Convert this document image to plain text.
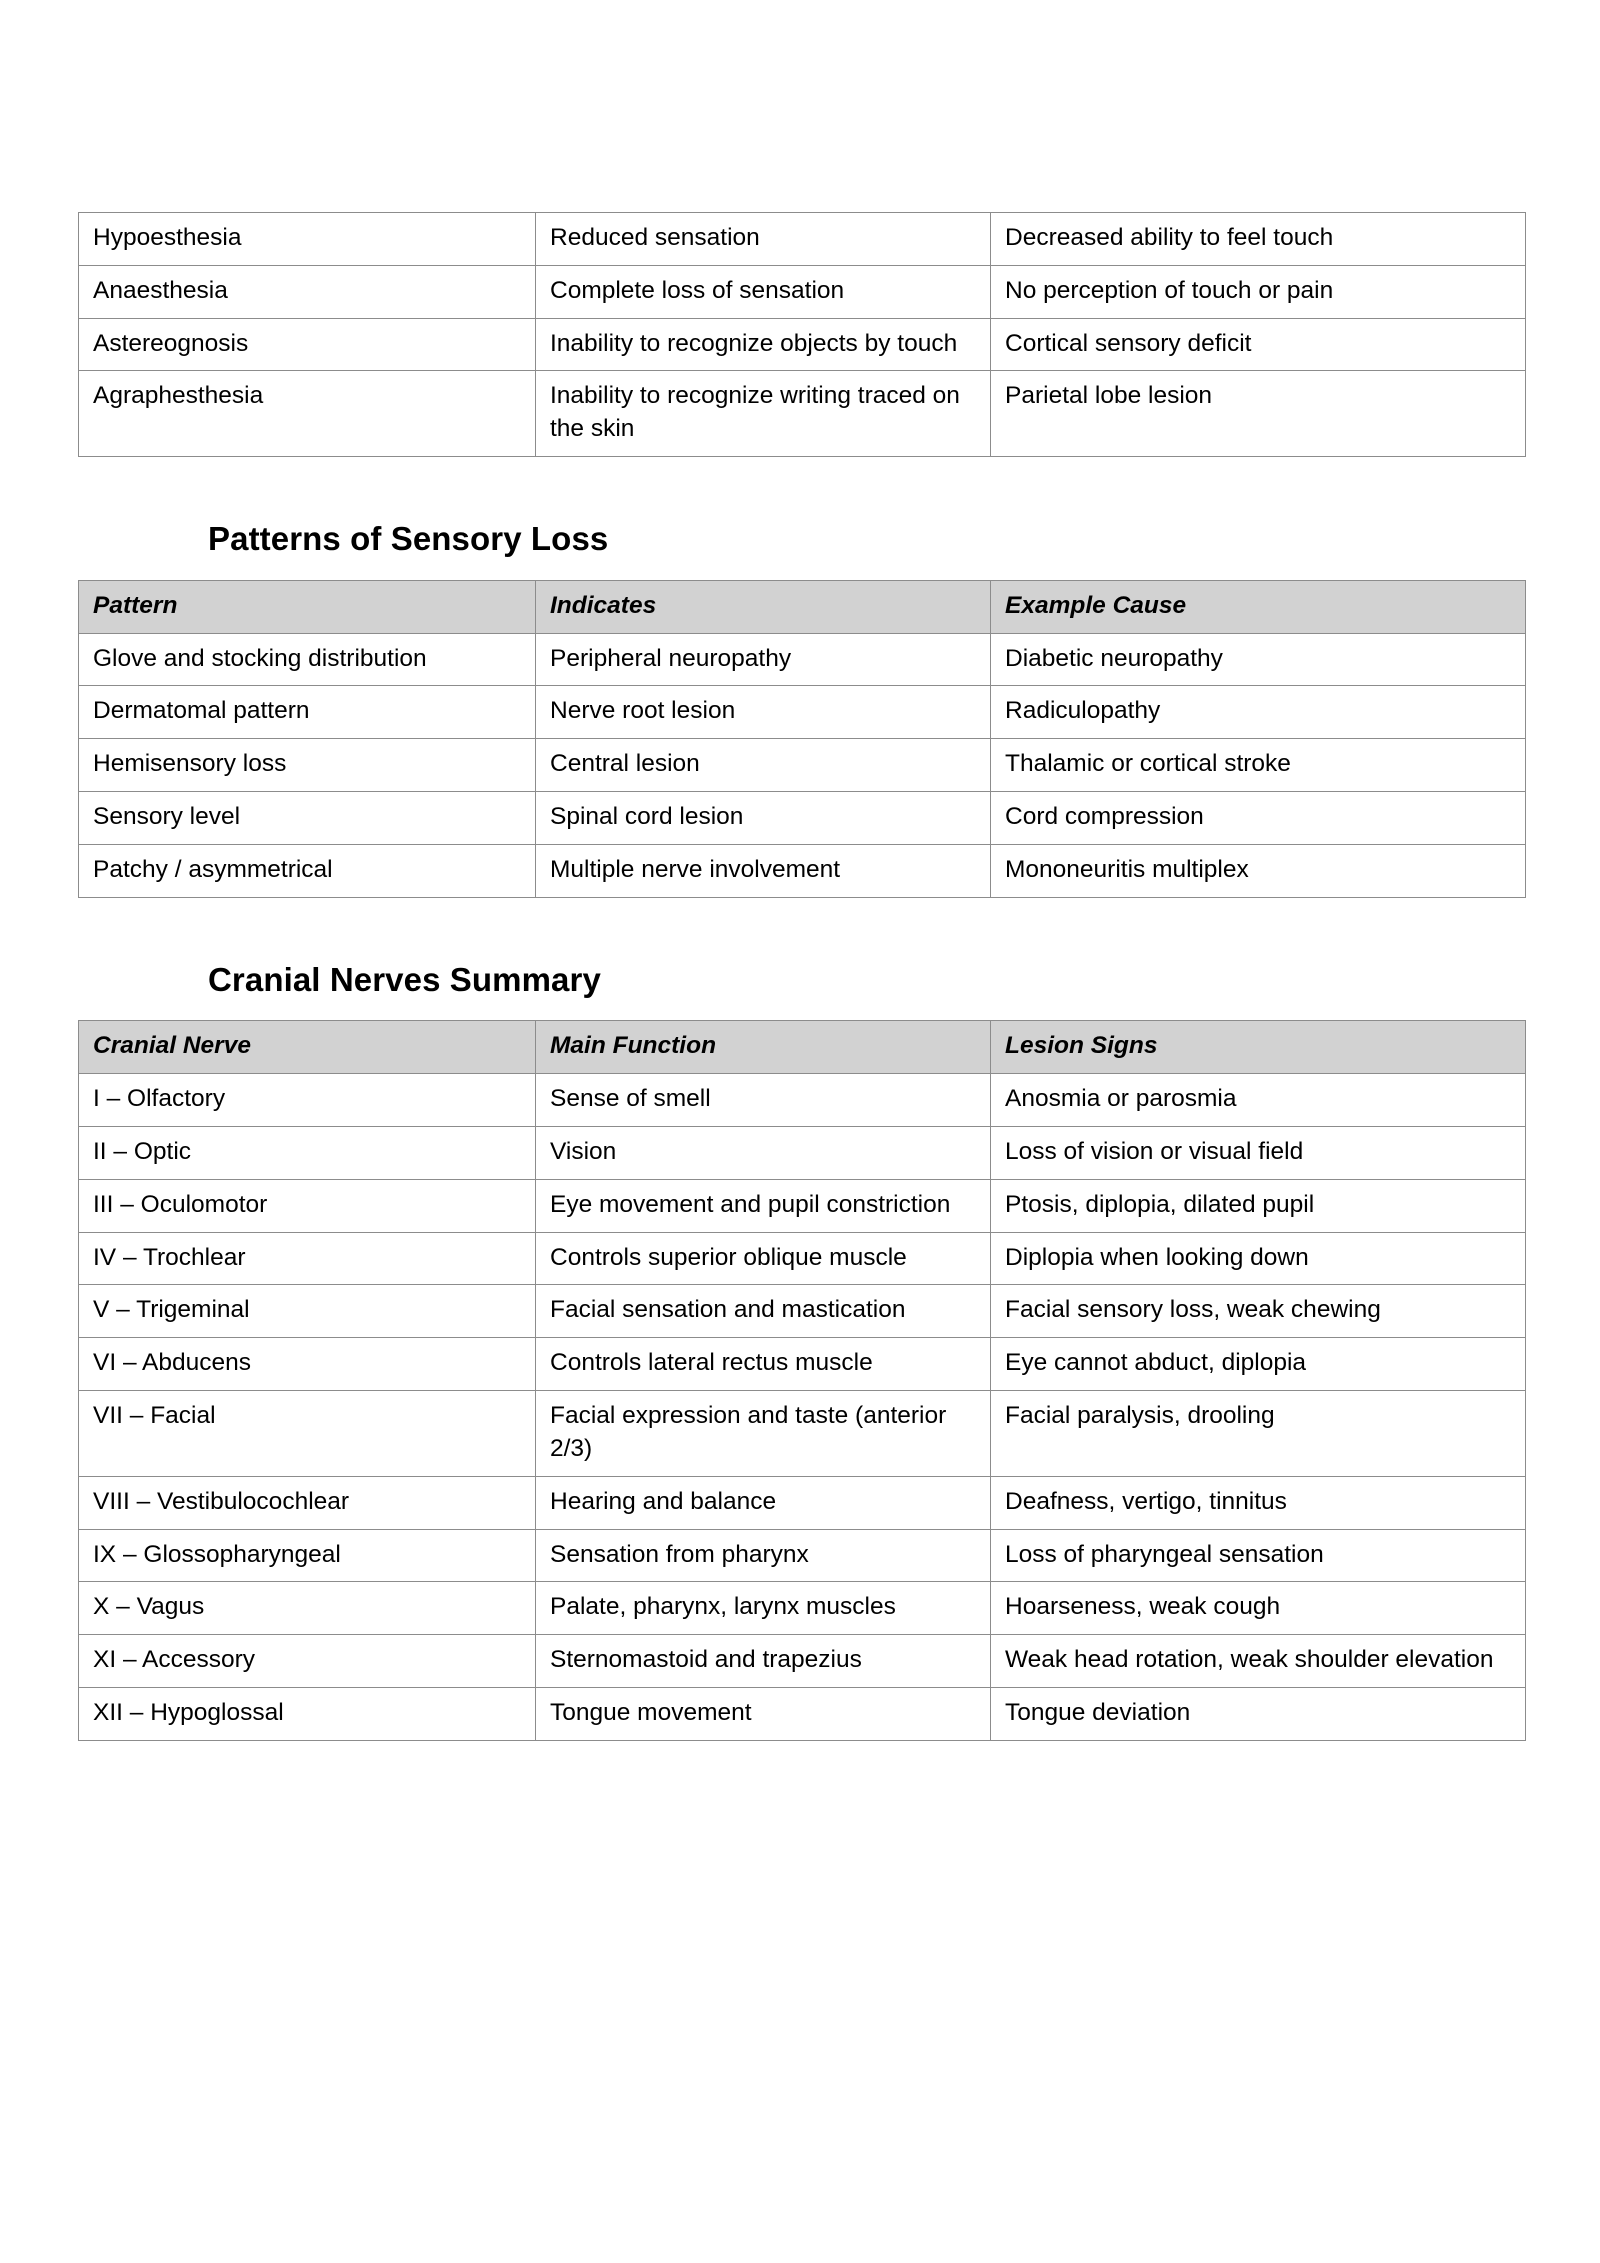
Hypoesthesia	Reduced sensation	Decreased ability to feel touch
Anaesthesia	Complete loss of sensation	No perception of touch or pain
Astereognosis	Inability to recognize objects by touch	Cortical sensory deficit
Agraphesthesia	Inability to recognize writing traced on the skin	Parietal lobe lesion
Patterns of Sensory Loss
Pattern	Indicates	Example Cause
Glove and stocking distribution	Peripheral neuropathy	Diabetic neuropathy
Dermatomal pattern	Nerve root lesion	Radiculopathy
Hemisensory loss	Central lesion	Thalamic or cortical stroke
Sensory level	Spinal cord lesion	Cord compression
Patchy / asymmetrical	Multiple nerve involvement	Mononeuritis multiplex
Cranial Nerves Summary
Cranial Nerve	Main Function	Lesion Signs
I – Olfactory	Sense of smell	Anosmia or parosmia
II – Optic	Vision	Loss of vision or visual field
III – Oculomotor	Eye movement and pupil constriction	Ptosis, diplopia, dilated pupil
IV – Trochlear	Controls superior oblique muscle	Diplopia when looking down
V – Trigeminal	Facial sensation and mastication	Facial sensory loss, weak chewing
VI – Abducens	Controls lateral rectus muscle	Eye cannot abduct, diplopia
VII – Facial	Facial expression and taste (anterior 2/3)	Facial paralysis, drooling
VIII – Vestibulocochlear	Hearing and balance	Deafness, vertigo, tinnitus
IX – Glossopharyngeal	Sensation from pharynx	Loss of pharyngeal sensation
X – Vagus	Palate, pharynx, larynx muscles	Hoarseness, weak cough
XI – Accessory	Sternomastoid and trapezius	Weak head rotation, weak shoulder elevation
XII – Hypoglossal	Tongue movement	Tongue deviation
